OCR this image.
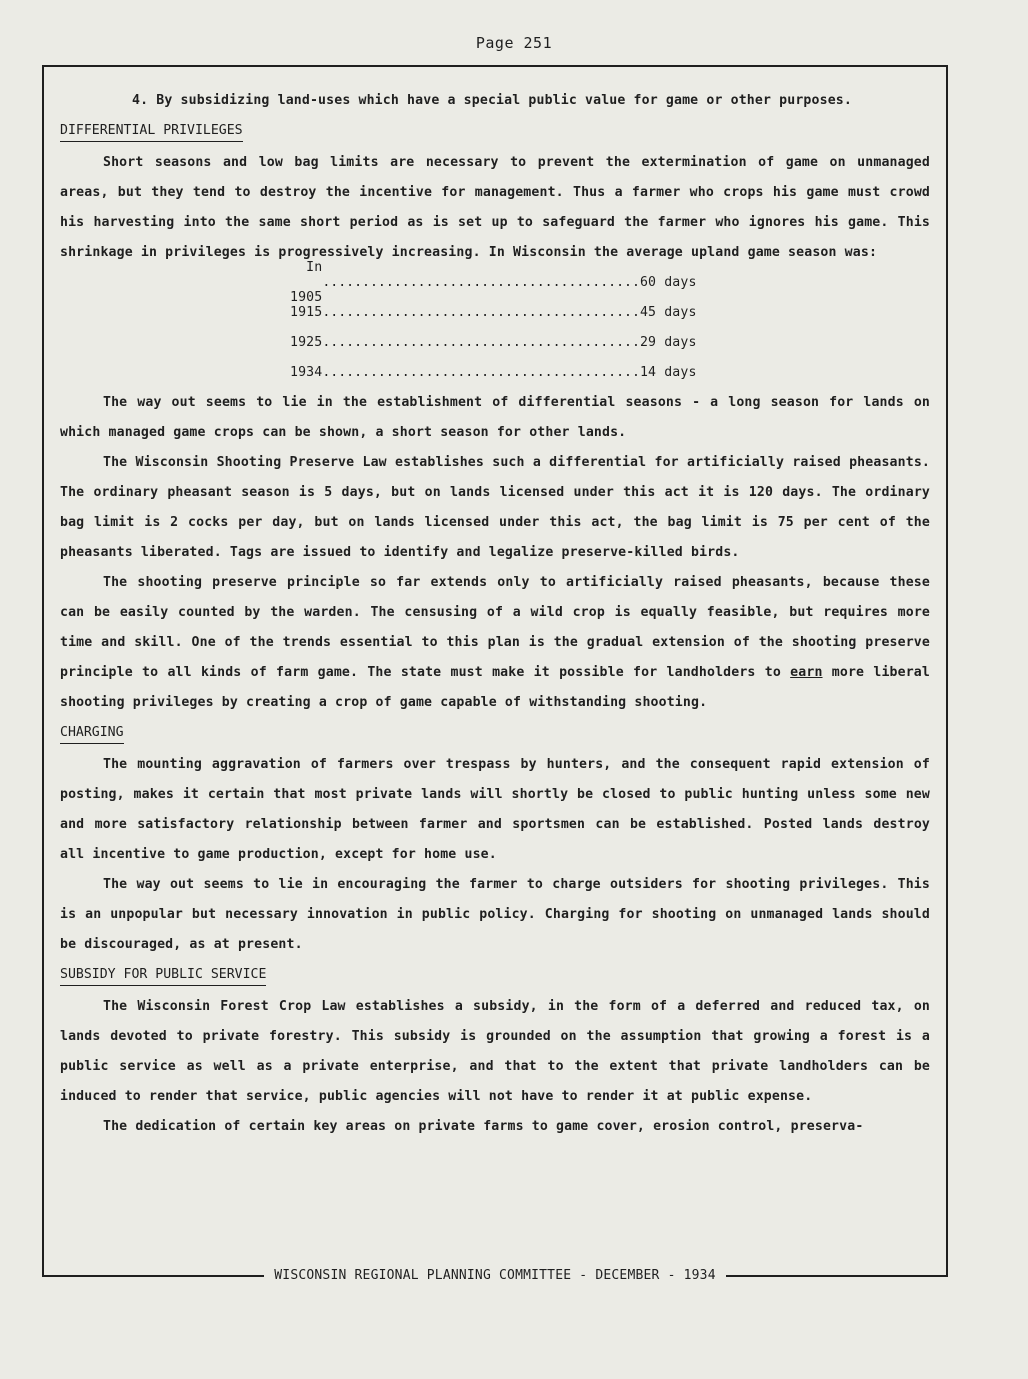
Page 251

4. By subsidizing land-uses which have a special public value for game or other purposes.

DIFFERENTIAL PRIVILEGES

Short seasons and low bag limits are necessary to prevent the extermination of game on unmanaged areas, but they tend to destroy the incentive for management. Thus a farmer who crops his game must crowd his harvesting into the same short period as is set up to safeguard the farmer who ignores his game. This shrinkage in privileges is progressively increasing. In Wisconsin the average upland game season was:

In 1905
........................................ 60 days
1915 ........................................ 45 days
1925 ........................................ 29 days
1934 ........................................ 14 days

The way out seems to lie in the establishment of differential seasons - a long season for lands on which managed game crops can be shown, a short season for other lands.

The Wisconsin Shooting Preserve Law establishes such a differential for artificially raised pheasants. The ordinary pheasant season is 5 days, but on lands licensed under this act it is 120 days. The ordinary bag limit is 2 cocks per day, but on lands licensed under this act, the bag limit is 75 per cent of the pheasants liberated. Tags are issued to identify and legalize preserve-killed birds.

The shooting preserve principle so far extends only to artificially raised pheasants, because these can be easily counted by the warden. The censusing of a wild crop is equally feasible, but requires more time and skill. One of the trends essential to this plan is the gradual extension of the shooting preserve principle to all kinds of farm game. The state must make it possible for landholders to earn more liberal shooting privileges by creating a crop of game capable of withstanding shooting.

CHARGING

The mounting aggravation of farmers over trespass by hunters, and the consequent rapid extension of posting, makes it certain that most private lands will shortly be closed to public hunting unless some new and more satisfactory relationship between farmer and sportsmen can be established. Posted lands destroy all incentive to game production, except for home use.

The way out seems to lie in encouraging the farmer to charge outsiders for shooting privileges. This is an unpopular but necessary innovation in public policy. Charging for shooting on unmanaged lands should be discouraged, as at present.

SUBSIDY FOR PUBLIC SERVICE

The Wisconsin Forest Crop Law establishes a subsidy, in the form of a deferred and reduced tax, on lands devoted to private forestry. This subsidy is grounded on the assumption that growing a forest is a public service as well as a private enterprise, and that to the extent that private landholders can be induced to render that service, public agencies will not have to render it at public expense.

The dedication of certain key areas on private farms to game cover, erosion control, preserva-

WISCONSIN REGIONAL PLANNING COMMITTEE - DECEMBER - 1934
